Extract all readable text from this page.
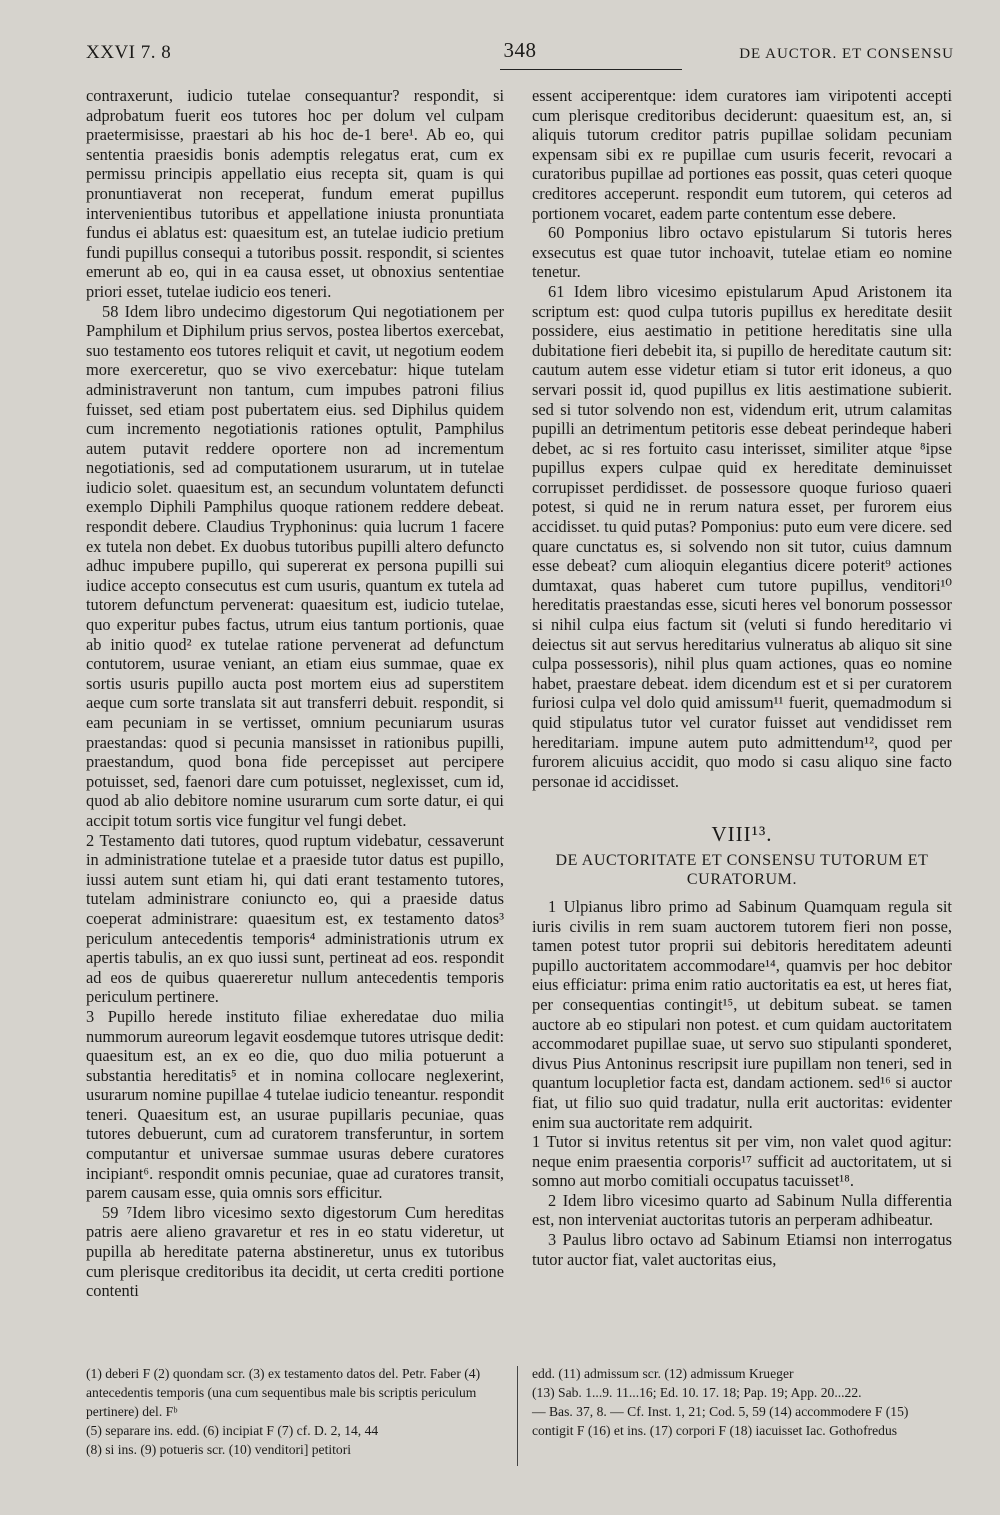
XXVI 7. 8	348	DE AUCTOR. ET CONSENSU

contraxerunt, iudicio tutelae consequantur? respondit, si adprobatum fuerit eos tutores hoc per dolum vel culpam praetermisisse, praestari ab his hoc de-1 bere¹. Ab eo, qui sententia praesidis bonis ademptis relegatus erat, cum ex permissu principis appellatio eius recepta sit, quam is qui pronuntiaverat non receperat, fundum emerat pupillus intervenientibus tutoribus et appellatione iniusta pronuntiata fundus ei ablatus est: quaesitum est, an tutelae iudicio pretium fundi pupillus consequi a tutoribus possit. respondit, si scientes emerunt ab eo, qui in ea causa esset, ut obnoxius sententiae priori esset, tutelae iudicio eos teneri.

58 Idem libro undecimo digestorum Qui negotiationem per Pamphilum et Diphilum prius servos, postea libertos exercebat, suo testamento eos tutores reliquit et cavit, ut negotium eodem more exerceretur, quo se vivo exercebatur: hique tutelam administraverunt non tantum, cum impubes patroni filius fuisset, sed etiam post pubertatem eius. sed Diphilus quidem cum incremento negotiationis rationes optulit, Pamphilus autem putavit reddere oportere non ad incrementum negotiationis, sed ad computationem usurarum, ut in tutelae iudicio solet. quaesitum est, an secundum voluntatem defuncti exemplo Diphili Pamphilus quoque rationem reddere debeat. respondit debere. Claudius Tryphoninus: quia lucrum 1 facere ex tutela non debet. Ex duobus tutoribus pupilli altero defuncto adhuc impubere pupillo, qui supererat ex persona pupilli sui iudice accepto consecutus est cum usuris, quantum ex tutela ad tutorem defunctum pervenerat: quaesitum est, iudicio tutelae, quo experitur pubes factus, utrum eius tantum portionis, quae ab initio quod² ex tutelae ratione pervenerat ad defunctum contutorem, usurae veniant, an etiam eius summae, quae ex sortis usuris pupillo aucta post mortem eius ad superstitem aeque cum sorte translata sit aut transferri debuit. respondit, si eam pecuniam in se vertisset, omnium pecuniarum usuras praestandas: quod si pecunia mansisset in rationibus pupilli, praestandum, quod bona fide percepisset aut percipere potuisset, sed, faenori dare cum potuisset, neglexisset, cum id, quod ab alio debitore nomine usurarum cum sorte datur, ei qui accipit totum sortis vice fungitur vel fungi debet.

2 Testamento dati tutores, quod ruptum videbatur, cessaverunt in administratione tutelae et a praeside tutor datus est pupillo, iussi autem sunt etiam hi, qui dati erant testamento tutores, tutelam administrare coniuncto eo, qui a praeside datus coeperat administrare: quaesitum est, ex testamento datos³ periculum antecedentis temporis⁴ administrationis utrum ex apertis tabulis, an ex quo iussi sunt, pertineat ad eos. respondit ad eos de quibus quaereretur nullum antecedentis temporis periculum pertinere.

3 Pupillo herede instituto filiae exheredatae duo milia nummorum aureorum legavit eosdemque tutores utrisque dedit: quaesitum est, an ex eo die, quo duo milia potuerunt a substantia hereditatis⁵ et in nomina collocare neglexerint, usurarum nomine pupillae 4 tutelae iudicio teneantur. respondit teneri. Quaesitum est, an usurae pupillaris pecuniae, quas tutores debuerunt, cum ad curatorem transferuntur, in sortem computantur et universae summae usuras debere curatores incipiant⁶. respondit omnis pecuniae, quae ad curatores transit, parem causam esse, quia omnis sors efficitur.

59 ⁷Idem libro vicesimo sexto digestorum Cum hereditas patris aere alieno gravaretur et res in eo statu videretur, ut pupilla ab hereditate paterna abstineretur, unus ex tutoribus cum plerisque creditoribus ita decidit, ut certa crediti portione contenti

essent acciperentque: idem curatores iam viripotenti accepti cum plerisque creditoribus deciderunt: quaesitum est, an, si aliquis tutorum creditor patris pupillae solidam pecuniam expensam sibi ex re pupillae cum usuris fecerit, revocari a curatoribus pupillae ad portiones eas possit, quas ceteri quoque creditores acceperunt. respondit eum tutorem, qui ceteros ad portionem vocaret, eadem parte contentum esse debere.

60 Pomponius libro octavo epistularum Si tutoris heres exsecutus est quae tutor inchoavit, tutelae etiam eo nomine tenetur.

61 Idem libro vicesimo epistularum Apud Aristonem ita scriptum est: quod culpa tutoris pupillus ex hereditate desiit possidere, eius aestimatio in petitione hereditatis sine ulla dubitatione fieri debebit ita, si pupillo de hereditate cautum sit: cautum autem esse videtur etiam si tutor erit idoneus, a quo servari possit id, quod pupillus ex litis aestimatione subierit. sed si tutor solvendo non est, videndum erit, utrum calamitas pupilli an detrimentum petitoris esse debeat perindeque haberi debet, ac si res fortuito casu interisset, similiter atque ⁸ipse pupillus expers culpae quid ex hereditate deminuisset corrupisset perdidisset. de possessore quoque furioso quaeri potest, si quid ne in rerum natura esset, per furorem eius accidisset. tu quid putas? Pomponius: puto eum vere dicere. sed quare cunctatus es, si solvendo non sit tutor, cuius damnum esse debeat? cum alioquin elegantius dicere poterit⁹ actiones dumtaxat, quas haberet cum tutore pupillus, venditori¹⁰ hereditatis praestandas esse, sicuti heres vel bonorum possessor si nihil culpa eius factum sit (veluti si fundo hereditario vi deiectus sit aut servus hereditarius vulneratus ab aliquo sit sine culpa possessoris), nihil plus quam actiones, quas eo nomine habet, praestare debeat. idem dicendum est et si per curatorem furiosi culpa vel dolo quid amissum¹¹ fuerit, quemadmodum si quid stipulatus tutor vel curator fuisset aut vendidisset rem hereditariam. impune autem puto admittendum¹², quod per furorem alicuius accidit, quo modo si casu aliquo sine facto personae id accidisset.

VIII¹³.
DE AUCTORITATE ET CONSENSU TUTORUM ET CURATORUM.

1 Ulpianus libro primo ad Sabinum Quamquam regula sit iuris civilis in rem suam auctorem tutorem fieri non posse, tamen potest tutor proprii sui debitoris hereditatem adeunti pupillo auctoritatem accommodare¹⁴, quamvis per hoc debitor eius efficiatur: prima enim ratio auctoritatis ea est, ut heres fiat, per consequentias contingit¹⁵, ut debitum subeat. se tamen auctore ab eo stipulari non potest. et cum quidam auctoritatem accommodaret pupillae suae, ut servo suo stipulanti sponderet, divus Pius Antoninus rescripsit iure pupillam non teneri, sed in quantum locupletior facta est, dandam actionem. sed¹⁶ si auctor fiat, ut filio suo quid tradatur, nulla erit auctoritas: evidenter enim sua auctoritate rem adquirit.

1 Tutor si invitus retentus sit per vim, non valet quod agitur: neque enim praesentia corporis¹⁷ sufficit ad auctoritatem, ut si somno aut morbo comitiali occupatus tacuisset¹⁸.

2 Idem libro vicesimo quarto ad Sabinum Nulla differentia est, non interveniat auctoritas tutoris an perperam adhibeatur.

3 Paulus libro octavo ad Sabinum Etiamsi non interrogatus tutor auctor fiat, valet auctoritas eius,

(1) deberi F (2) quondam scr. (3) ex testamento datos del. Petr. Faber (4) antecedentis temporis (una cum sequentibus male bis scriptis periculum pertinere) del. Fᵇ
(5) separare ins. edd. (6) incipiat F (7) cf. D. 2, 14, 44
(8) si ins. (9) potueris scr. (10) venditori] petitori
edd. (11) admissum scr. (12) admissum Krueger
(13) Sab. 1...9. 11...16; Ed. 10. 17. 18; Pap. 19; App. 20...22.
— Bas. 37, 8. — Cf. Inst. 1, 21; Cod. 5, 59 (14) accommodere F (15) contigit F (16) et ins. (17) corpori F (18) iacuisset Iac. Gothofredus
